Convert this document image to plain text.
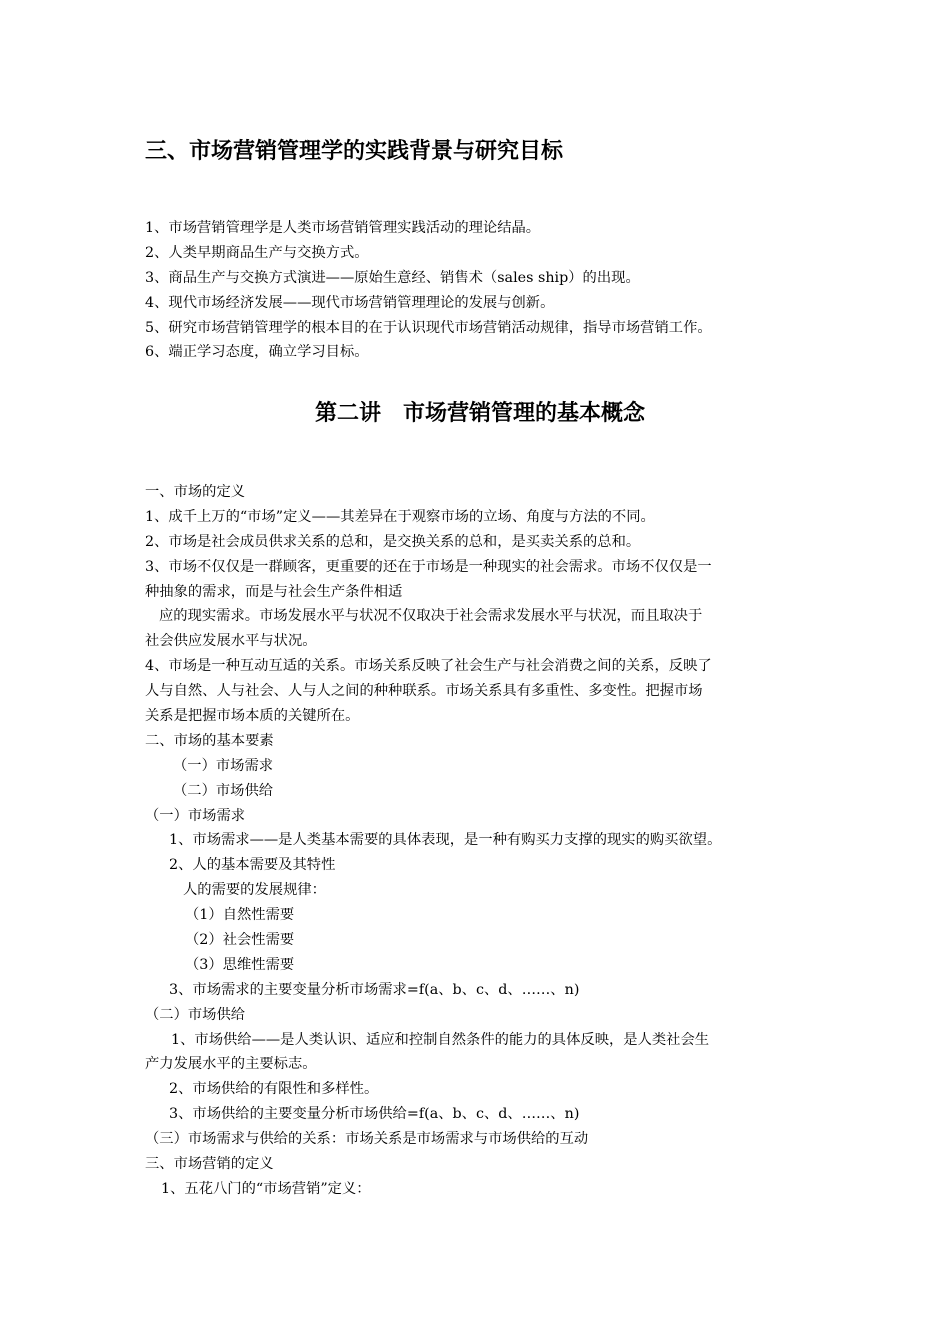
三、市场营销管理学的实践背景与研究目标
1、市场营销管理学是人类市场营销管理实践活动的理论结晶。
2、人类早期商品生产与交换方式。
3、商品生产与交换方式演进——原始生意经、销售术（sales ship）的出现。
4、现代市场经济发展——现代市场营销管理理论的发展与创新。
5、研究市场营销管理学的根本目的在于认识现代市场营销活动规律，指导市场营销工作。
6、端正学习态度，确立学习目标。
第二讲　市场营销管理的基本概念
一、市场的定义
1、成千上万的“市场”定义——其差异在于观察市场的立场、角度与方法的不同。
2、市场是社会成员供求关系的总和，是交换关系的总和，是买卖关系的总和。
3、市场不仅仅是一群顾客，更重要的还在于市场是一种现实的社会需求。市场不仅仅是一
种抽象的需求，而是与社会生产条件相适
应的现实需求。市场发展水平与状况不仅取决于社会需求发展水平与状况，而且取决于
社会供应发展水平与状况。
4、市场是一种互动互适的关系。市场关系反映了社会生产与社会消费之间的关系，反映了
人与自然、人与社会、人与人之间的种种联系。市场关系具有多重性、多变性。把握市场
关系是把握市场本质的关键所在。
二、市场的基本要素
（一）市场需求
（二）市场供给
（一）市场需求
1、市场需求——是人类基本需要的具体表现，是一种有购买力支撑的现实的购买欲望。
2、人的基本需要及其特性
人的需要的发展规律：
（1）自然性需要
（2）社会性需要
（3）思维性需要
3、市场需求的主要变量分析市场需求=f(a、b、c、d、……、n)
（二）市场供给
1、市场供给——是人类认识、适应和控制自然条件的能力的具体反映，是人类社会生
产力发展水平的主要标志。
2、市场供给的有限性和多样性。
3、市场供给的主要变量分析市场供给=f(a、b、c、d、……、n)
（三）市场需求与供给的关系：市场关系是市场需求与市场供给的互动
三、市场营销的定义
1、五花八门的“市场营销”定义：
